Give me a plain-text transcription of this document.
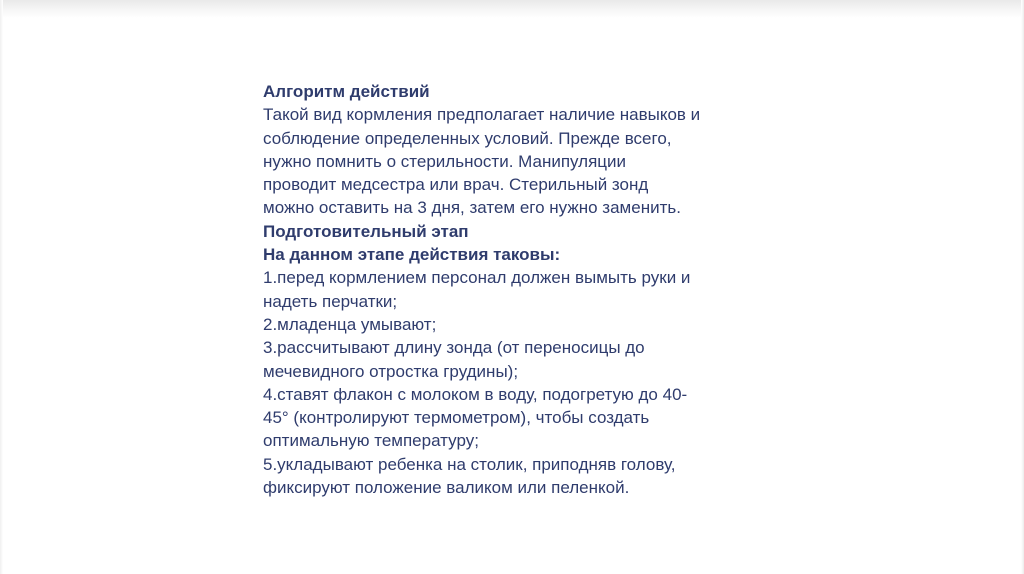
Алгоритм действий
Такой вид кормления предполагает наличие навыков и
соблюдение определенных условий. Прежде всего,
нужно помнить о стерильности. Манипуляции
проводит медсестра или врач. Стерильный зонд
можно оставить на 3 дня, затем его нужно заменить.
Подготовительный этап
На данном этапе действия таковы:
1.перед кормлением персонал должен вымыть руки и
надеть перчатки;
2.младенца умывают;
3.рассчитывают длину зонда (от переносицы до
мечевидного отростка грудины);
4.ставят флакон с молоком в воду, подогретую до 40-
45° (контролируют термометром), чтобы создать
оптимальную температуру;
5.укладывают ребенка на столик, приподняв голову,
фиксируют положение валиком или пеленкой.
